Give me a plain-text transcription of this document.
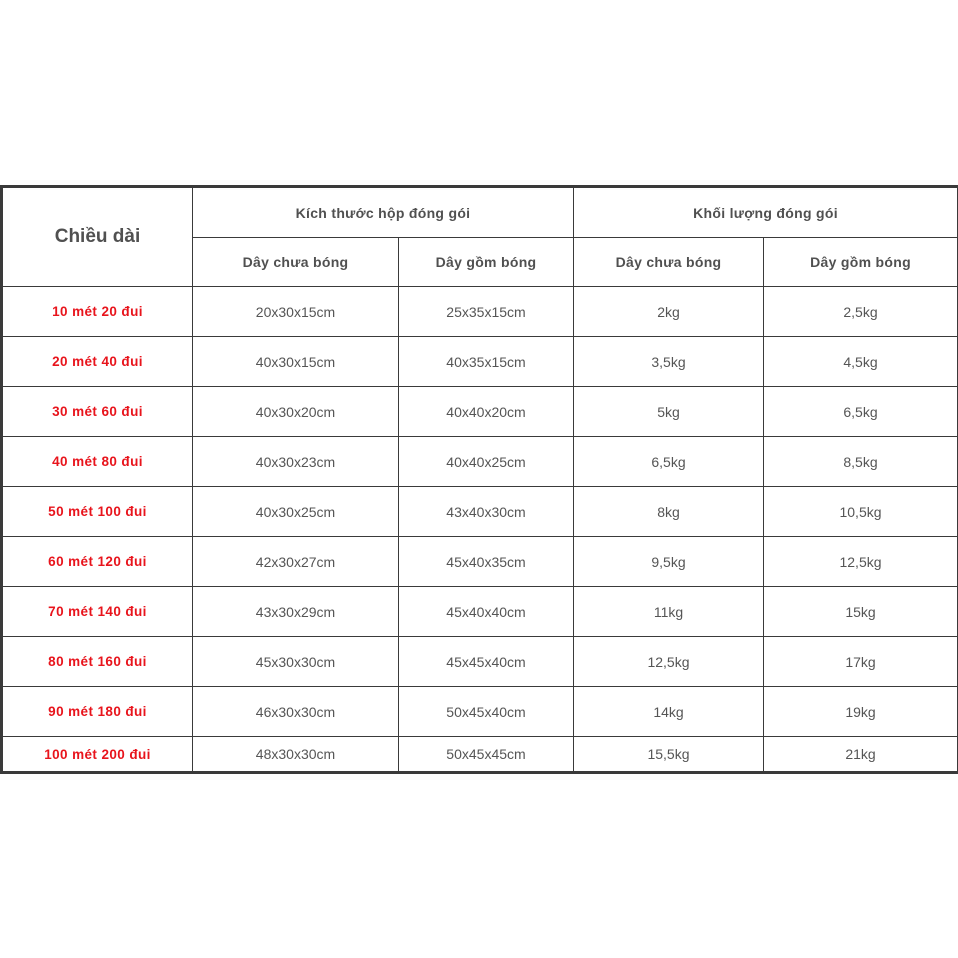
Chiều dài	Kích thước hộp đóng gói		Khối lượng đóng gói	
	Dây chưa bóng	Dây gồm bóng	Dây chưa bóng	Dây gồm bóng
10 mét 20 đui	20x30x15cm	25x35x15cm	2kg	2,5kg
20 mét 40 đui	40x30x15cm	40x35x15cm	3,5kg	4,5kg
30 mét 60 đui	40x30x20cm	40x40x20cm	5kg	6,5kg
40 mét 80 đui	40x30x23cm	40x40x25cm	6,5kg	8,5kg
50 mét 100 đui	40x30x25cm	43x40x30cm	8kg	10,5kg
60 mét 120 đui	42x30x27cm	45x40x35cm	9,5kg	12,5kg
70 mét 140 đui	43x30x29cm	45x40x40cm	11kg	15kg
80 mét 160 đui	45x30x30cm	45x45x40cm	12,5kg	17kg
90 mét 180 đui	46x30x30cm	50x45x40cm	14kg	19kg
100 mét 200 đui	48x30x30cm	50x45x45cm	15,5kg	21kg
